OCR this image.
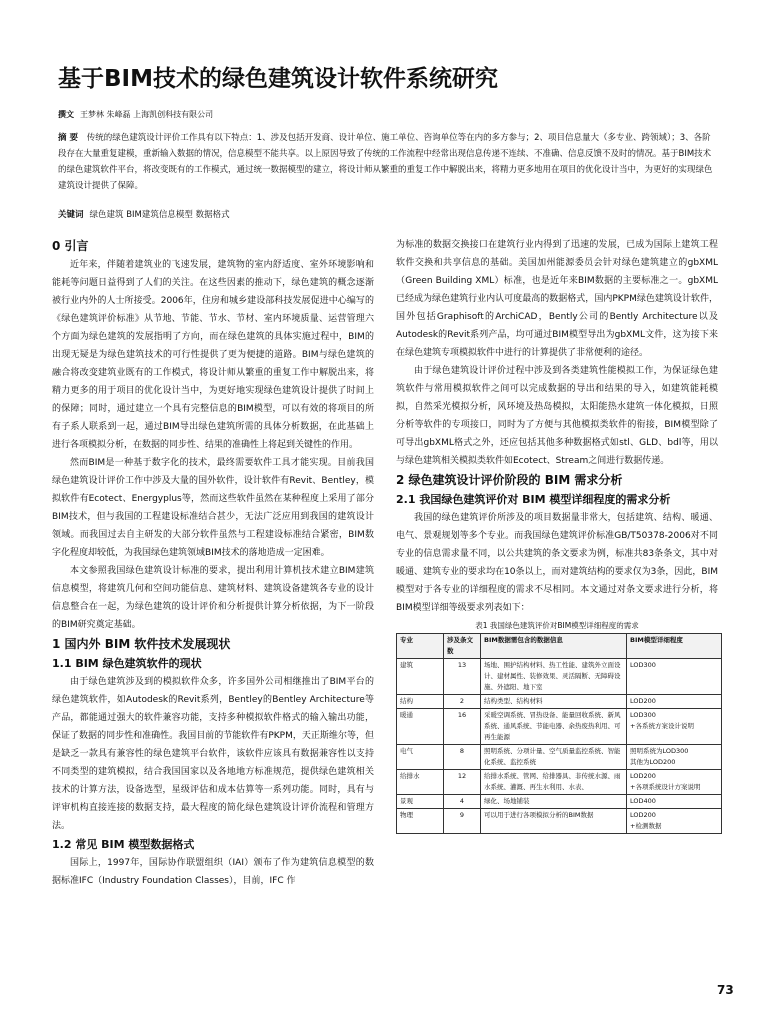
基于BIM技术的绿色建筑设计软件系统研究
撰文 王梦林 朱峰磊 上海凯创科技有限公司
摘 要 传统的绿色建筑设计评价工作具有以下特点：1、涉及包括开发商、设计单位、施工单位、咨询单位等在内的多方参与；2、项目信息量大（多专业、跨领域）；3、各阶段存在大量重复建模，重新输入数据的情况，信息模型不能共享。以上原因导致了传统的工作流程中经常出现信息传递不连续、不准确、信息反馈不及时的情况。基于BIM技术的绿色建筑软件平台，将改变既有的工作模式，通过统一数据模型的建立，将设计师从繁重的重复工作中解脱出来，将精力更多地用在项目的优化设计当中，为更好的实现绿色建筑设计提供了保障。
关键词 绿色建筑 BIM建筑信息模型 数据格式
0 引言

近年来，伴随着建筑业的飞速发展，建筑物的室内舒适度、室外环境影响和能耗等问题日益得到了人们的关注。在这些因素的推动下，绿色建筑的概念逐渐被行业内外的人士所接受。2006年，住房和城乡建设部科技发展促进中心编写的《绿色建筑评价标准》从节地、节能、节水、节材、室内环境质量、运营管理六个方面为绿色建筑的发展指明了方向，而在绿色建筑的具体实施过程中，BIM的出现无疑是为绿色建筑技术的可行性提供了更为便捷的道路。BIM与绿色建筑的融合将改变建筑业既有的工作模式，将设计师从繁重的重复工作中解脱出来，将精力更多的用于项目的优化设计当中，为更好地实现绿色建筑设计提供了时间上的保障；同时，通过建立一个具有完整信息的BIM模型，可以有效的将项目的所有子系人联系到一起，通过BIM导出绿色建筑所需的具体分析数据，在此基础上进行各项模拟分析，在数据的同步性、结果的准确性上将起到关键性的作用。

然而BIM是一种基于数字化的技术，最终需要软件工具才能实现。目前我国绿色建筑设计评价工作中涉及大量的国外软件，设计软件有Revit、Bentley，模拟软件有Ecotect、Energyplus等，然而这些软件虽然在某种程度上采用了部分BIM技术，但与我国的工程建设标准结合甚少，无法广泛应用到我国的建筑设计领域。而我国过去自主研发的大部分软件虽然与工程建设标准结合紧密，BIM数字化程度却较低，为我国绿色建筑领域BIM技术的落地造成一定困难。

本文参照我国绿色建筑设计标准的要求，提出利用计算机技术建立BIM建筑信息模型，将建筑几何和空间功能信息、建筑材料、建筑设备建筑各专业的设计信息整合在一起，为绿色建筑的设计评价和分析提供计算分析依据，为下一阶段的BIM研究奠定基础。

1 国内外 BIM 软件技术发展现状
1.1 BIM 绿色建筑软件的现状

由于绿色建筑涉及到的模拟软件众多，许多国外公司相继推出了BIM平台的绿色建筑软件，如Autodesk的Revit系列，Bentley的Bentley Architecture等产品，都能通过强大的软件兼容功能，支持多种模拟软件格式的输入输出功能，保证了数据的同步性和准确性。我国目前的节能软件有PKPM，天正斯维尔等，但是缺乏一款具有兼容性的绿色建筑平台软件，该软件应该具有数据兼容性以支持不同类型的建筑模拟，结合我国国家以及各地地方标准规范，提供绿色建筑相关技术的计算方法，设备选型，星级评估和成本估算等一系列功能。同时，具有与评审机构直接连接的数据支持，最大程度的简化绿色建筑设计评价流程和管理方法。

1.2 常见 BIM 模型数据格式

国际上，1997年，国际协作联盟组织（IAI）颁布了作为建筑信息模型的数据标准IFC（Industry Foundation Classes），目前，IFC 作

为标准的数据交换接口在建筑行业内得到了迅速的发展，已成为国际上建筑工程软件交换和共享信息的基础。美国加州能源委员会针对绿色建筑建立的gbXML（Green Building XML）标准，也是近年来BIM数据的主要标准之一。gbXML已经成为绿色建筑行业内认可度最高的数据格式，国内PKPM绿色建筑设计软件，国外包括Graphisoft的ArchiCAD，Bently公司的Bently Architecture以及Autodesk的Revit系列产品，均可通过BIM模型导出为gbXML文件，这为接下来在绿色建筑专项模拟软件中进行的计算提供了非常便利的途径。

由于绿色建筑设计评价过程中涉及到各类建筑性能模拟工作，为保证绿色建筑软件与常用模拟软件之间可以完成数据的导出和结果的导入，如建筑能耗模拟，自然采光模拟分析，风环境及热岛模拟，太阳能热水建筑一体化模拟，日照分析等软件的专项接口，同时为了方便与其他模拟类软件的衔接，BIM模型除了可导出gbXML格式之外，还应包括其他多种数据格式如stl、GLD、bdl等，用以与绿色建筑相关模拟类软件如Ecotect、Stream之间进行数据传递。

2 绿色建筑设计评价阶段的 BIM 需求分析
2.1 我国绿色建筑评价对 BIM 模型详细程度的需求分析

我国的绿色建筑评价所涉及的项目数据量非常大，包括建筑、结构、暖通、电气、景观规划等多个专业。而我国绿色建筑评价标准GB/T50378-2006对不同专业的信息需求量不同，以公共建筑的条文要求为例，标准共83条条文，其中对暖通、建筑专业的要求均在10条以上，而对建筑结构的要求仅为3条，因此，BIM模型对于各专业的详细程度的需求不尽相同。本文通过对条文要求进行分析，将BIM模型详细等级要求列表如下：

表1 我国绿色建筑评价对BIM模型详细程度的需求
专业	涉及条文数	BIM数据需包含的数据信息	BIM模型详细程度
建筑	13	场地、围护结构材料、热工性能、建筑外立面设计、建材属性、装修效果、灵活隔断、无障碍设施、外遮阳、地下室	LOD300
结构	2	结构类型、结构材料	LOD200
暖通	16	采暖空调系统、冒热设备、能量回收系统、新风系统、通风系统、节能电器、余热废热利用、可再生能源	LOD300
+各系统方案设计说明
电气	8	照明系统、分项计量、空气质量监控系统、智能化系统、监控系统	照明系统为LOD300
其他为LOD200
给排水	12	给排水系统、管网、给排器具、非传统水源、雨水系统、灌溉、再生水利用、水表、	LOD200
+各项系统设计方案说明
景观	4	绿化、场地铺装	LOD400
物理	9	可以用于进行各项模拟分析的BIM数据	LOD200
+检测数据
73
